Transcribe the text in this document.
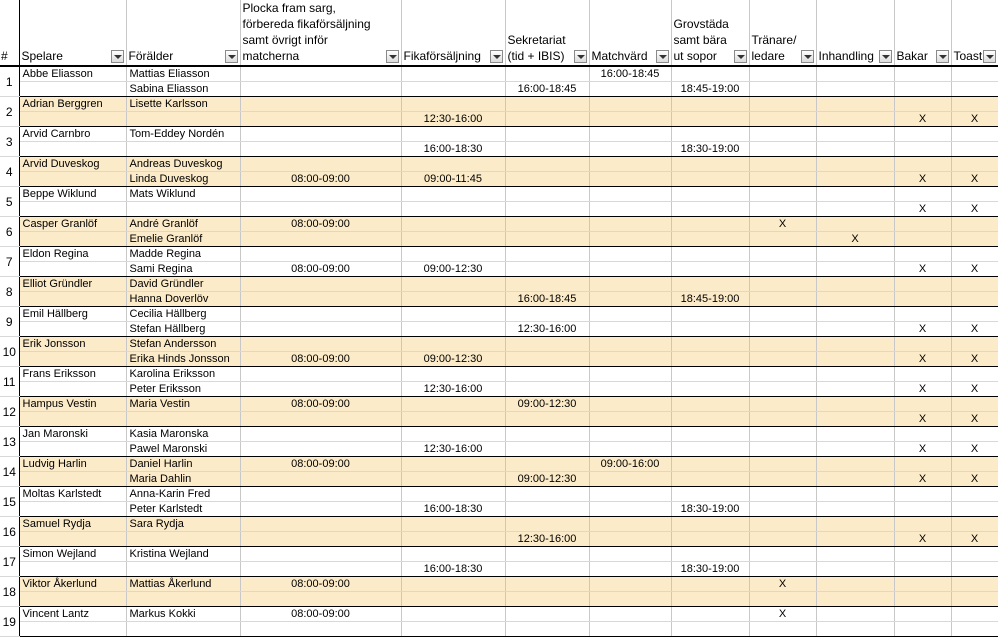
#	Spelare	Förälder	Plocka fram sarg, förbereda fikaförsäljning samt övrigt inför matcherna	Fikaförsäljning	Sekretariat (tid + IBIS)	Matchvärd	Grovstäda samt bära ut sopor	Tränare/ ledare	Inhandling	Bakar	Toast

1	Abbe Eliasson	Mattias Eliasson				16:00-18:45					
		Sabina Eliasson			16:00-18:45		18:45-19:00				
2	Adrian Berggren	Lisette Karlsson									
				12:30-16:00						X	X
3	Arvid Carnbro	Tom-Eddey Nordén									
				16:00-18:30			18:30-19:00				
4	Arvid Duveskog	Andreas Duveskog									
		Linda Duveskog	08:00-09:00	09:00-11:45						X	X
5	Beppe Wiklund	Mats Wiklund									
										X	X
6	Casper Granlöf	André Granlöf	08:00-09:00					X			
		Emelie Granlöf							X		
7	Eldon Regina	Madde Regina									
		Sami Regina	08:00-09:00	09:00-12:30						X	X
8	Elliot Gründler	David Gründler									
		Hanna Doverlöv			16:00-18:45		18:45-19:00				
9	Emil Hällberg	Cecilia Hällberg									
		Stefan Hällberg			12:30-16:00					X	X
10	Erik Jonsson	Stefan Andersson									
		Erika Hinds Jonsson	08:00-09:00	09:00-12:30						X	X
11	Frans Eriksson	Karolina Eriksson									
		Peter Eriksson		12:30-16:00						X	X
12	Hampus Vestin	Maria Vestin	08:00-09:00		09:00-12:30						
										X	X
13	Jan Maronski	Kasia Maronska									
		Pawel Maronski		12:30-16:00						X	X
14	Ludvig Harlin	Daniel Harlin	08:00-09:00			09:00-16:00					
		Maria Dahlin			09:00-12:30					X	X
15	Moltas Karlstedt	Anna-Karin Fred									
		Peter Karlstedt		16:00-18:30			18:30-19:00				
16	Samuel Rydja	Sara Rydja									
					12:30-16:00					X	X
17	Simon Wejland	Kristina Wejland									
				16:00-18:30			18:30-19:00				
18	Viktor Åkerlund	Mattias Åkerlund	08:00-09:00					X			

19	Vincent Lantz	Markus Kokki	08:00-09:00					X			
